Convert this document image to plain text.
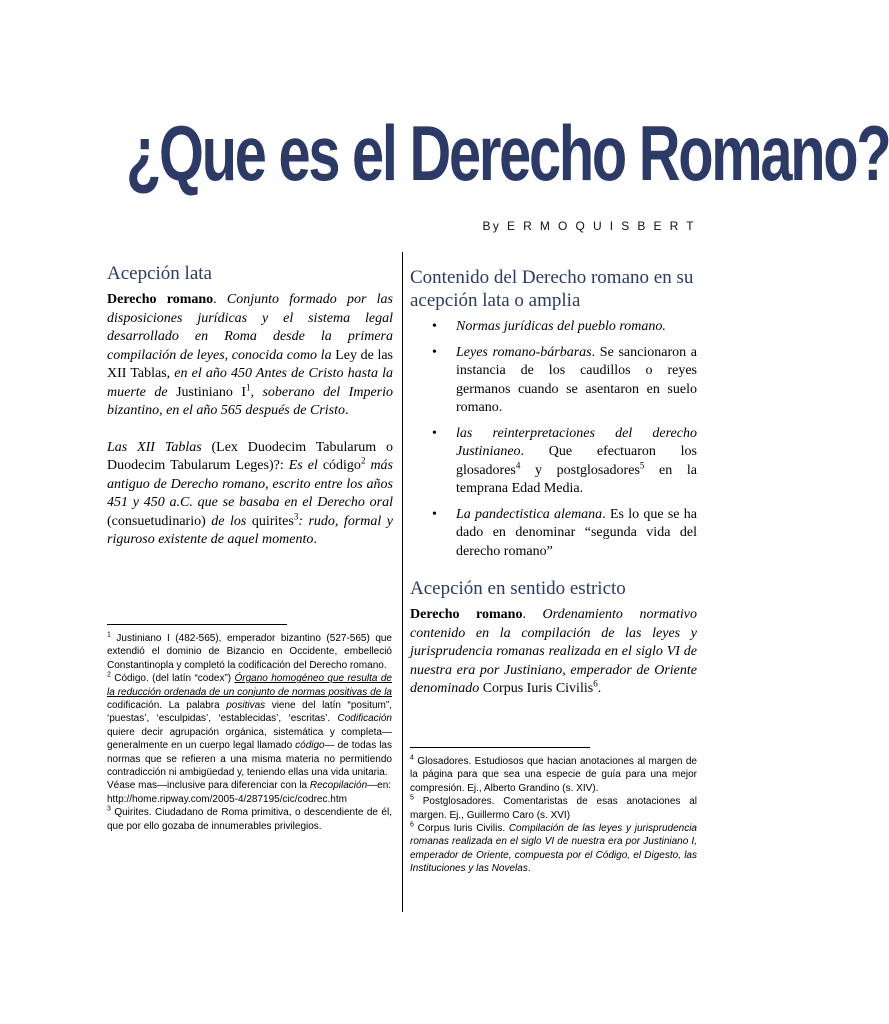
¿Que es el Derecho Romano?
By E R M O Q U I S B E R T
Acepción lata

Derecho romano. Conjunto formado por las disposiciones jurídicas y el sistema legal desarrollado en Roma desde la primera compilación de leyes, conocida como la Ley de las XII Tablas, en el año 450 Antes de Cristo hasta la muerte de Justiniano $I^1$, soberano del Imperio bizantino, en el año 565 después de Cristo.

Las XII Tablas (Lex Duodecim Tabularum o Duodecim Tabularum Leges)?: Es el código$^2$ más antiguo de Derecho romano, escrito entre los años 451 y 450 a.C. que se basaba en el Derecho oral (consuetudinario) de los quirites$^3$: rudo, formal y riguroso existente de aquel momento.

$^1$ Justiniano I (482-565), emperador bizantino (527-565) que extendió el dominio de Bizancio en Occidente, embelleció Constantinopla y completó la codificación del Derecho romano.

$^2$ Código. (del latín “codex”) Órgano homogéneo que resulta de la reducción ordenada de un conjunto de normas positivas de la codificación. La palabra positivas viene del latín “positum”, ‘puestas’, ‘esculpidas’, ‘establecidas’, ‘escritas’. Codificación quiere decir agrupación orgánica, sistemática y completa— generalmente en un cuerpo legal llamado código— de todas las normas que se refieren a una misma materia no permitiendo contradicción ni ambigüedad y, teniendo ellas una vida unitaria.

Véase mas—inclusive para diferenciar con la Recopilación—en:

http://home.ripway.com/2005-4/287195/cic/codrec.htm

$^3$ Quirites. Ciudadano de Roma primitiva, o descendiente de él, que por ello gozaba de innumerables privilegios.

Contenido del Derecho romano en su acepción lata o amplia
• Normas jurídicas del pueblo romano.
• Leyes romano-bárbaras. Se sancionaron a instancia de los caudillos o reyes germanos cuando se asentaron en suelo romano.
• las reinterpretaciones del derecho Justinianeo. Que efectuaron los glosadores$^4$ y postglosadores$^5$ en la temprana Edad Media.
• La pandectistica alemana. Es lo que se ha dado en denominar “segunda vida del derecho romano”
Acepción en sentido estricto

Derecho romano. Ordenamiento normativo contenido en la compilación de las leyes y jurisprudencia romanas realizada en el siglo VI de nuestra era por Justiniano, emperador de Oriente denominado Corpus Iuris Civilis$^6$.

$^4$ Glosadores. Estudiosos que hacian anotaciones al margen de la página para que sea una especie de guía para una mejor compresión. Ej., Alberto Grandino (s. XIV).

$^5$ Postglosadores. Comentaristas de esas anotaciones al margen. Ej., Guillermo Caro (s. XVI)

$^6$ Corpus Iuris Civilis. Compilación de las leyes y jurisprudencia romanas realizada en el siglo VI de nuestra era por Justiniano I, emperador de Oriente, compuesta por el Código, el Digesto, las Instituciones y las Novelas.
